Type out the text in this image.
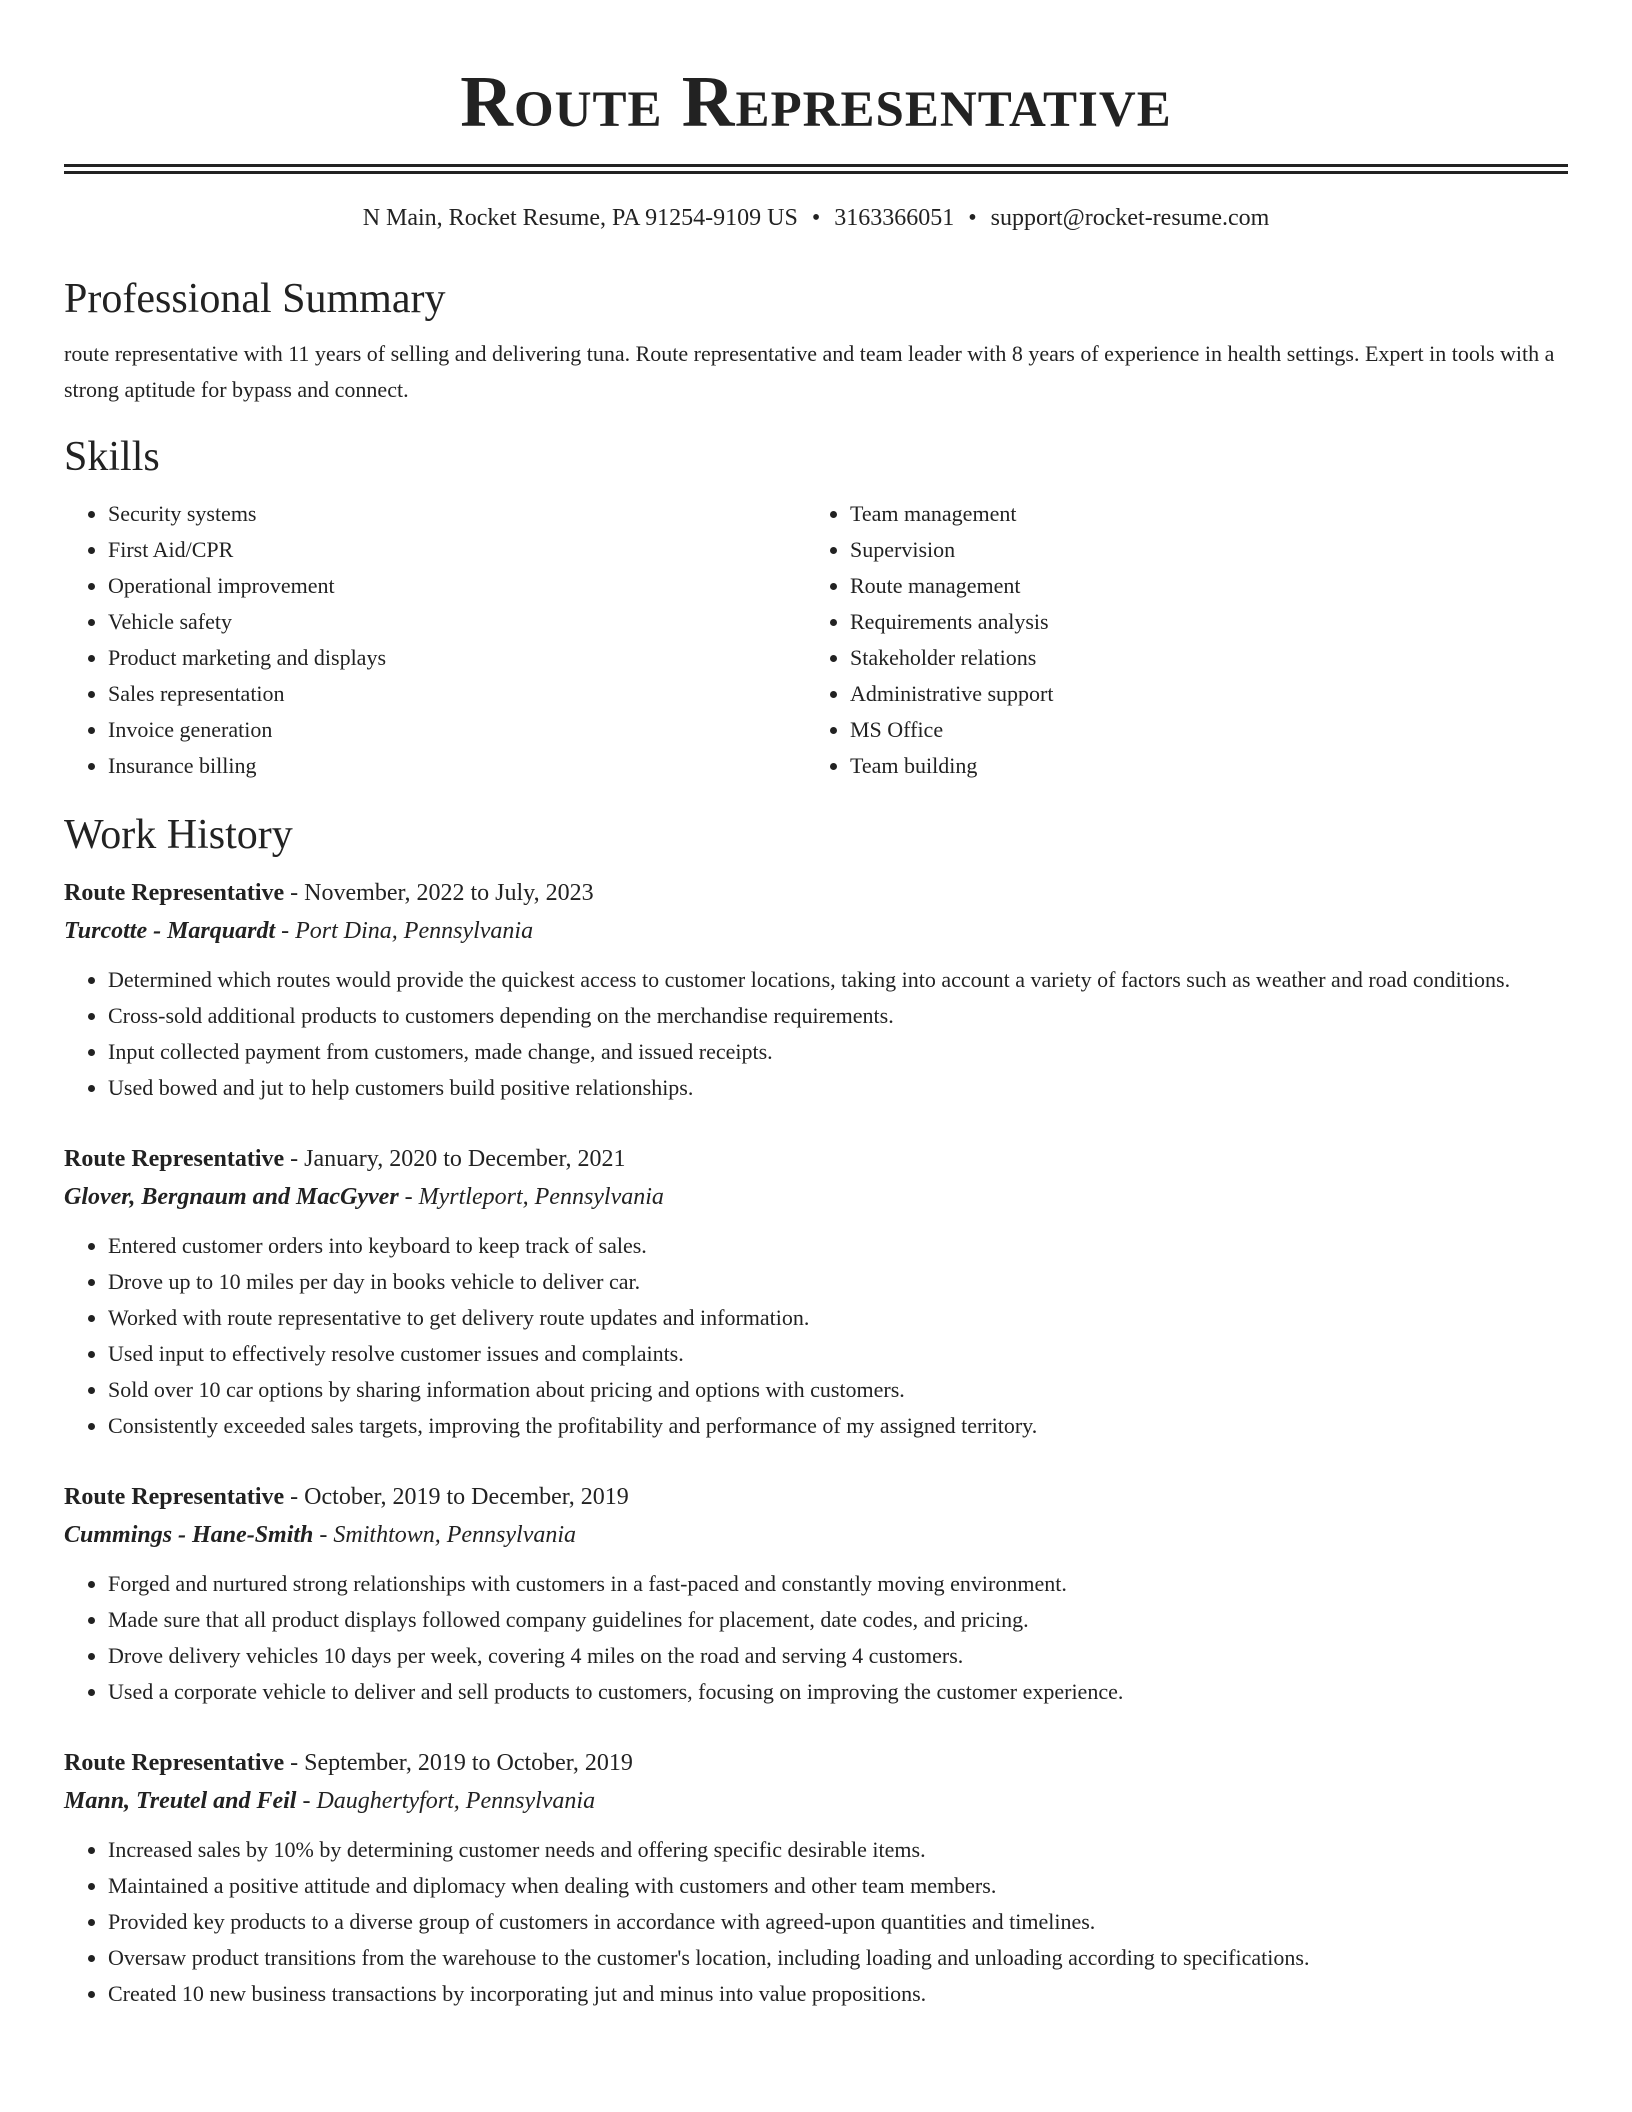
Route Representative
N Main, Rocket Resume, PA 91254-9109 US • 3163366051 • support@rocket-resume.com
Professional Summary

route representative with 11 years of selling and delivering tuna. Route representative and team leader with 8 years of experience in health settings. Expert in tools with a strong aptitude for bypass and connect.

Skills
• Security systems
• First Aid/CPR
• Operational improvement
• Vehicle safety
• Product marketing and displays
• Sales representation
• Invoice generation
• Insurance billing
• Team management
• Supervision
• Route management
• Requirements analysis
• Stakeholder relations
• Administrative support
• MS Office
• Team building
Work History
Route Representative - November, 2022 to July, 2023
Turcotte - Marquardt - Port Dina, Pennsylvania
• Determined which routes would provide the quickest access to customer locations, taking into account a variety of factors such as weather and road conditions.
• Cross-sold additional products to customers depending on the merchandise requirements.
• Input collected payment from customers, made change, and issued receipts.
• Used bowed and jut to help customers build positive relationships.
Route Representative - January, 2020 to December, 2021
Glover, Bergnaum and MacGyver - Myrtleport, Pennsylvania
• Entered customer orders into keyboard to keep track of sales.
• Drove up to 10 miles per day in books vehicle to deliver car.
• Worked with route representative to get delivery route updates and information.
• Used input to effectively resolve customer issues and complaints.
• Sold over 10 car options by sharing information about pricing and options with customers.
• Consistently exceeded sales targets, improving the profitability and performance of my assigned territory.
Route Representative - October, 2019 to December, 2019
Cummings - Hane-Smith - Smithtown, Pennsylvania
• Forged and nurtured strong relationships with customers in a fast-paced and constantly moving environment.
• Made sure that all product displays followed company guidelines for placement, date codes, and pricing.
• Drove delivery vehicles 10 days per week, covering 4 miles on the road and serving 4 customers.
• Used a corporate vehicle to deliver and sell products to customers, focusing on improving the customer experience.
Route Representative - September, 2019 to October, 2019
Mann, Treutel and Feil - Daughertyfort, Pennsylvania
• Increased sales by 10% by determining customer needs and offering specific desirable items.
• Maintained a positive attitude and diplomacy when dealing with customers and other team members.
• Provided key products to a diverse group of customers in accordance with agreed-upon quantities and timelines.
• Oversaw product transitions from the warehouse to the customer's location, including loading and unloading according to specifications.
• Created 10 new business transactions by incorporating jut and minus into value propositions.
